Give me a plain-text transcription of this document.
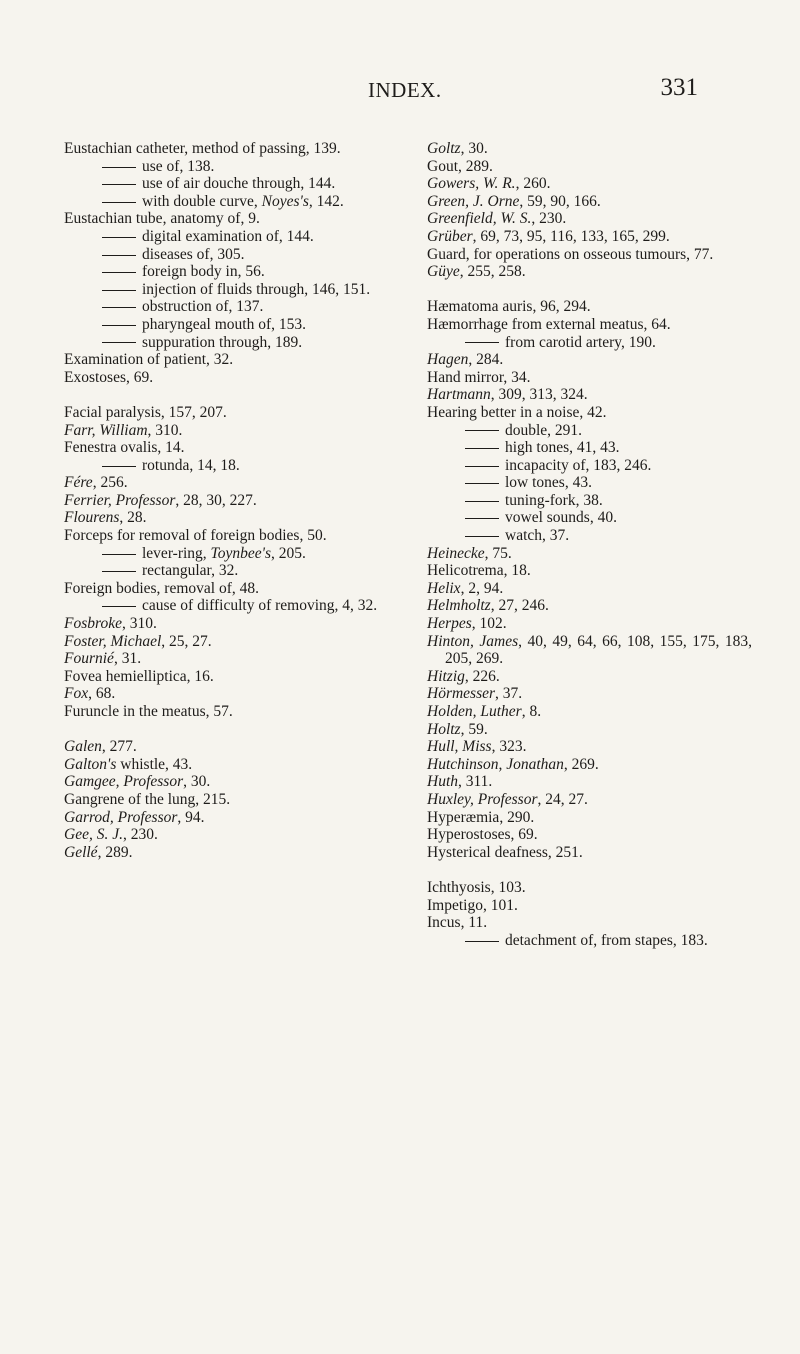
INDEX.	331
Eustachian catheter, method of passing, 139.
use of, 138.
use of air douche through, 144.
with double curve, Noyes's, 142.
Eustachian tube, anatomy of, 9.
digital examination of, 144.
diseases of, 305.
foreign body in, 56.
injection of fluids through, 146, 151.
obstruction of, 137.
pharyngeal mouth of, 153.
suppuration through, 189.
Examination of patient, 32.
Exostoses, 69.
Facial paralysis, 157, 207.
Farr, William, 310.
Fenestra ovalis, 14.
rotunda, 14, 18.
Fére, 256.
Ferrier, Professor, 28, 30, 227.
Flourens, 28.
Forceps for removal of foreign bodies, 50.
lever-ring, Toynbee's, 205.
rectangular, 32.
Foreign bodies, removal of, 48.
cause of difficulty of removing, 4, 32.
Fosbroke, 310.
Foster, Michael, 25, 27.
Fournié, 31.
Fovea hemielliptica, 16.
Fox, 68.
Furuncle in the meatus, 57.
Galen, 277.
Galton's whistle, 43.
Gamgee, Professor, 30.
Gangrene of the lung, 215.
Garrod, Professor, 94.
Gee, S. J., 230.
Gellé, 289.
Goltz, 30.
Gout, 289.
Gowers, W. R., 260.
Green, J. Orne, 59, 90, 166.
Greenfield, W. S., 230.
Grüber, 69, 73, 95, 116, 133, 165, 299.
Guard, for operations on osseous tumours, 77.
Güye, 255, 258.
Hæmatoma auris, 96, 294.
Hæmorrhage from external meatus, 64.
from carotid artery, 190.
Hagen, 284.
Hand mirror, 34.
Hartmann, 309, 313, 324.
Hearing better in a noise, 42.
double, 291.
high tones, 41, 43.
incapacity of, 183, 246.
low tones, 43.
tuning-fork, 38.
vowel sounds, 40.
watch, 37.
Heinecke, 75.
Helicotrema, 18.
Helix, 2, 94.
Helmholtz, 27, 246.
Herpes, 102.
Hinton, James, 40, 49, 64, 66, 108, 155, 175, 183, 205, 269.
Hitzig, 226.
Hörmesser, 37.
Holden, Luther, 8.
Holtz, 59.
Hull, Miss, 323.
Hutchinson, Jonathan, 269.
Huth, 311.
Huxley, Professor, 24, 27.
Hyperæmia, 290.
Hyperostoses, 69.
Hysterical deafness, 251.
Ichthyosis, 103.
Impetigo, 101.
Incus, 11.
detachment of, from stapes, 183.
